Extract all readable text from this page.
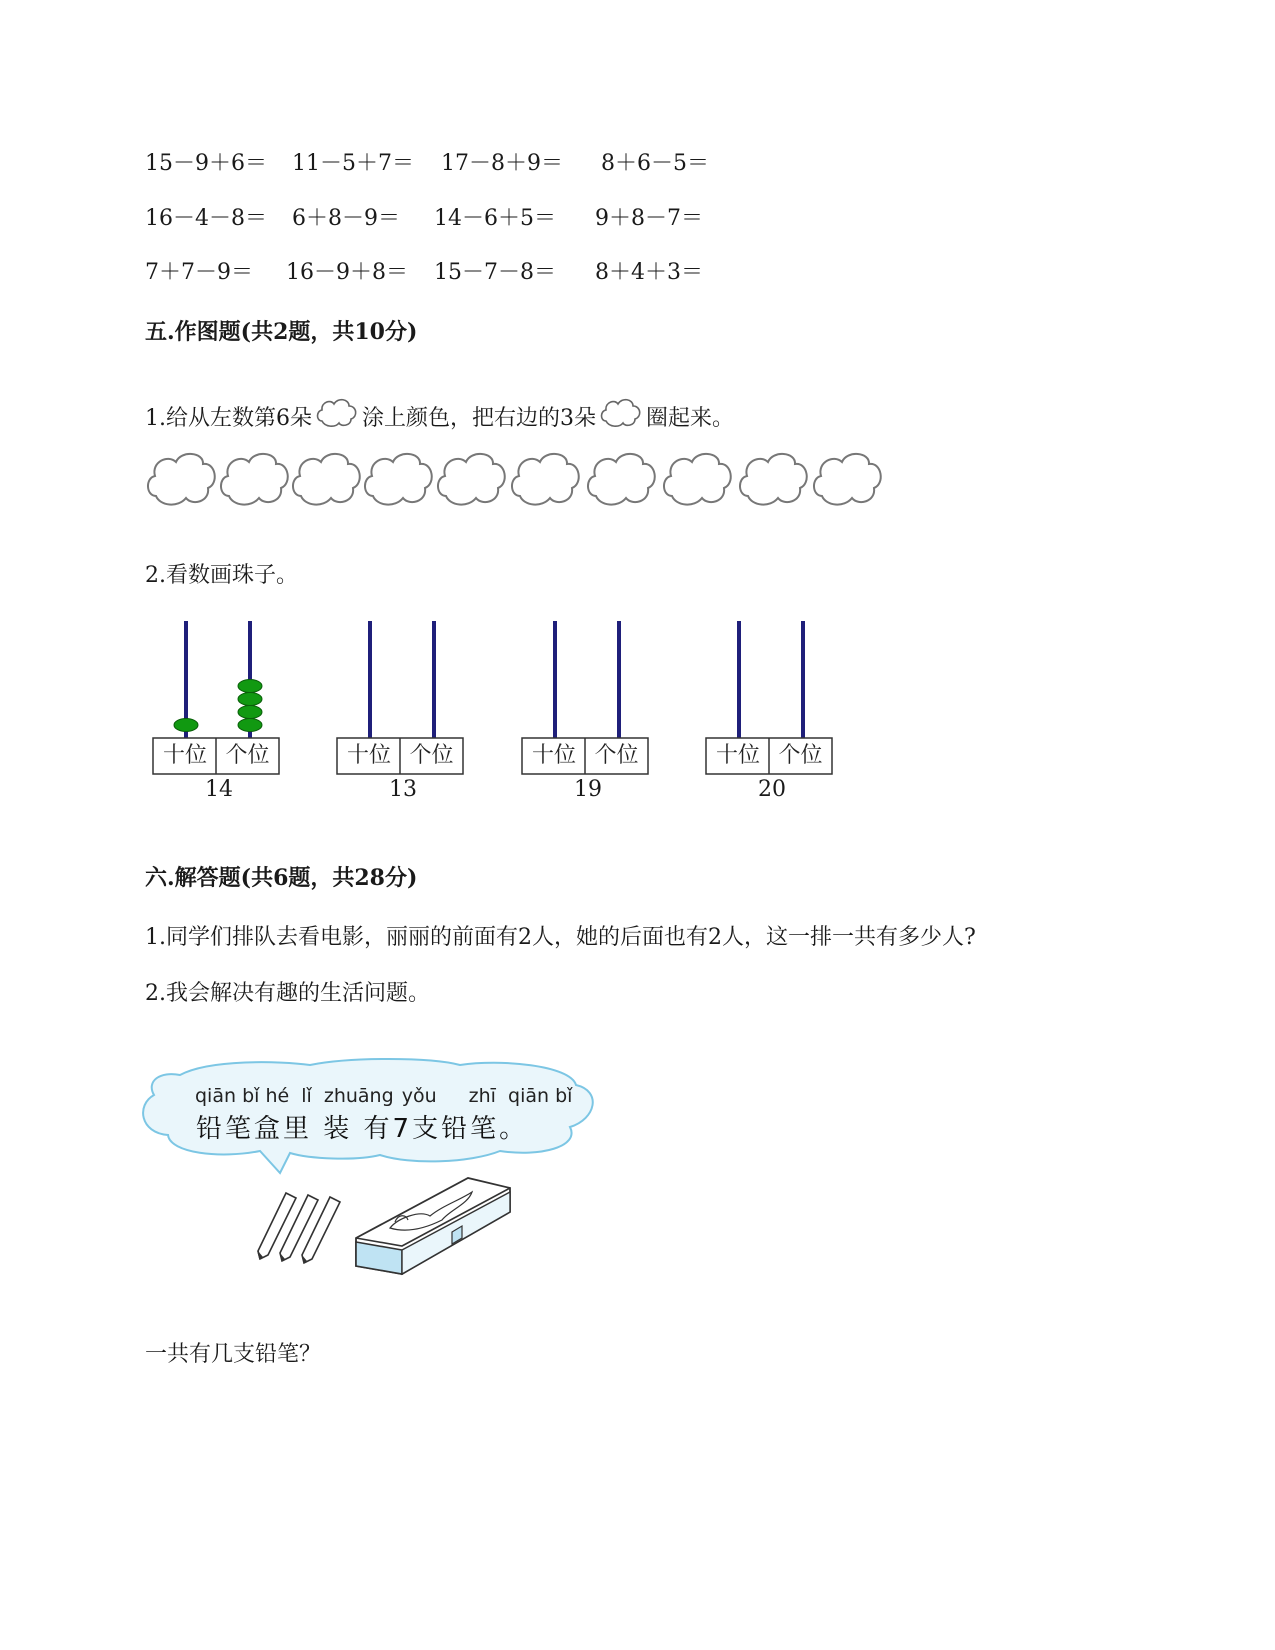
15－9＋6＝ 11－5＋7＝ 17－8＋9＝ 8＋6－5＝
16－4－8＝ 6＋8－9＝ 14－6＋5＝ 9＋8－7＝
7＋7－9＝ 16－9＋8＝ 15－7－8＝ 8＋4＋3＝
五.作图题(共2题，共10分)
1.给从左数第6朵 涂上颜色，把右边的3朵 圈起来。
2.看数画珠子。
十位 个位
14
十位 个位
13
十位 个位
19
十位 个位
20
六.解答题(共6题，共28分)
1.同学们排队去看电影，丽丽的前面有2人，她的后面也有2人，这一排一共有多少人?
2.我会解决有趣的生活问题。
qiān bǐ hé lǐ zhuāng yǒu zhī qiān bǐ
铅笔盒里 装 有7支铅笔。
一共有几支铅笔？
